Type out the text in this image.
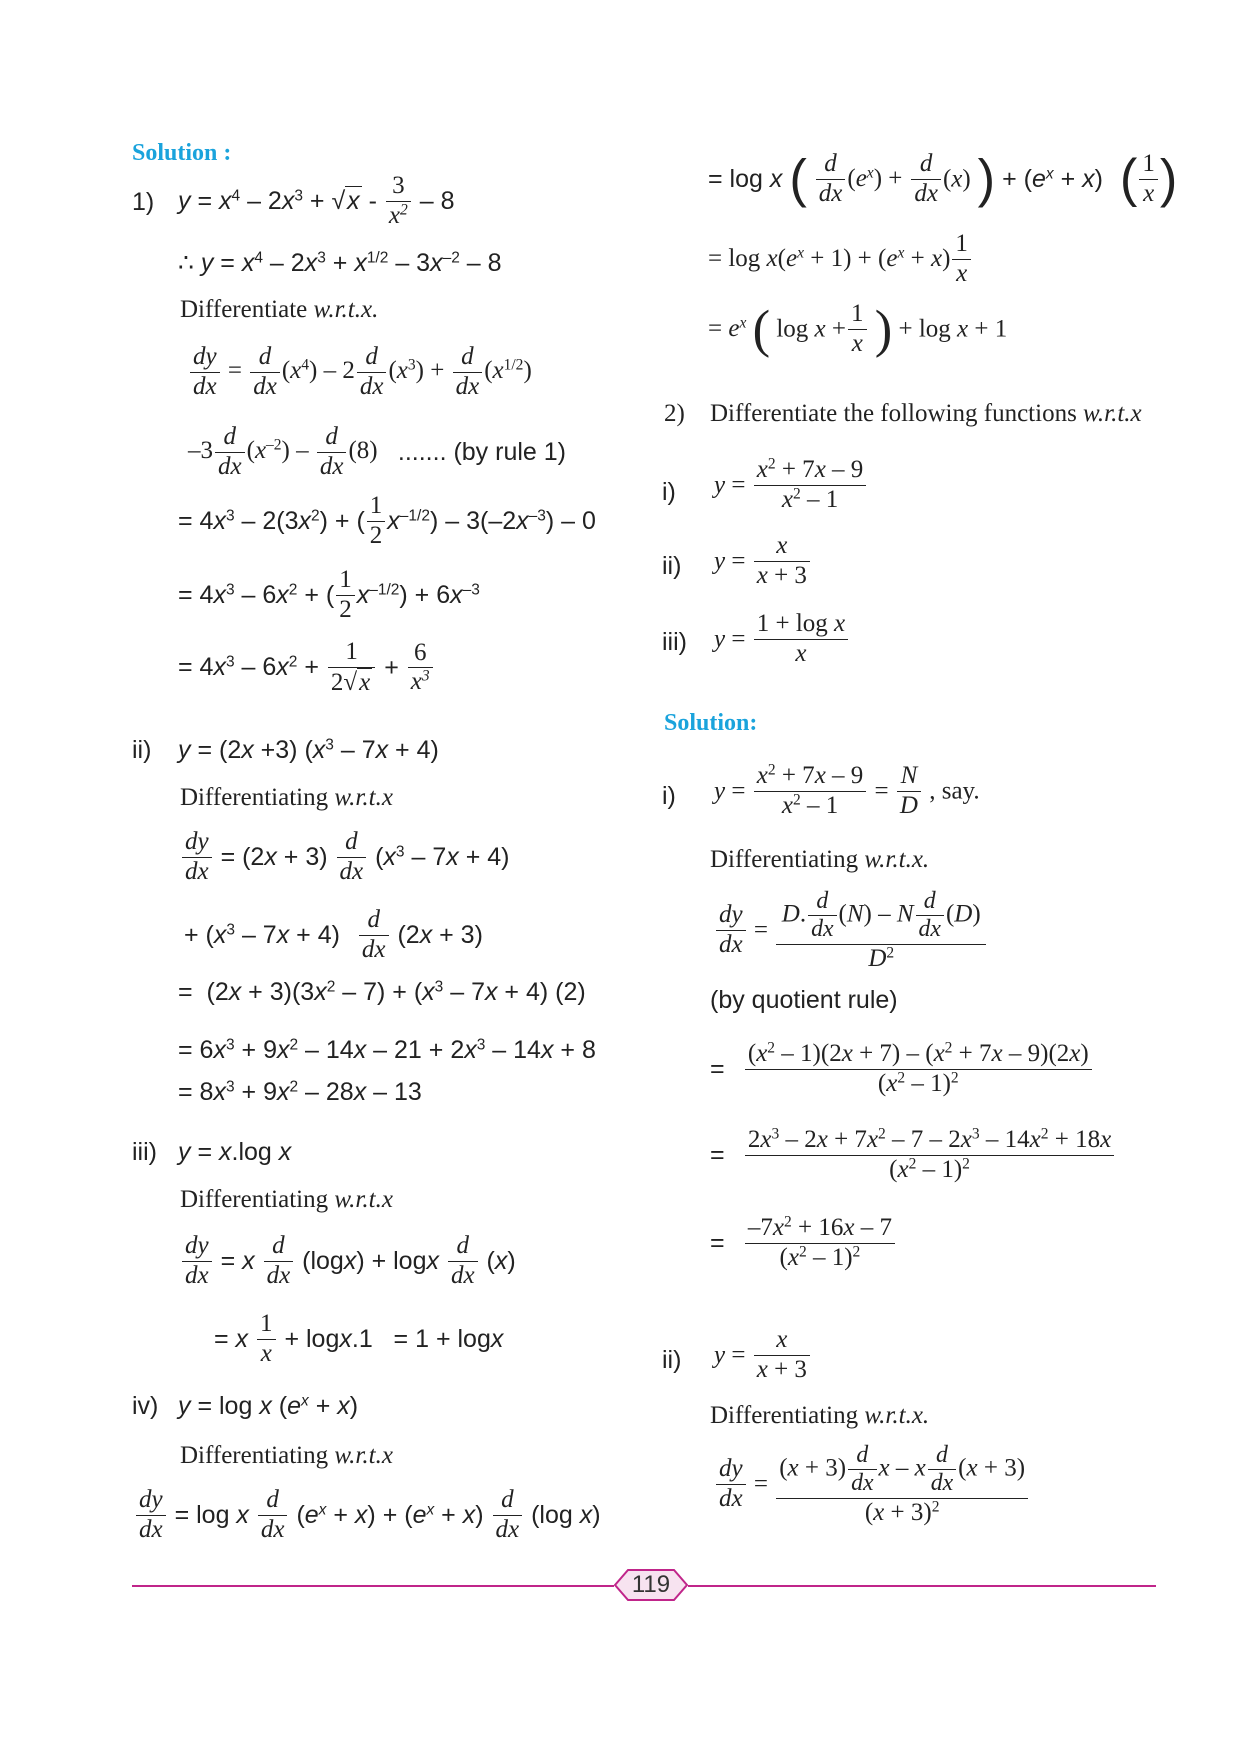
Solution :
1) $y = x^4 - 2x^3 + √x - \frac{3}{x^2} - 8$
∴ $y = x^4 - 2x^3 + x^{1/2} - 3x^{-2} - 8$
Differentiate w.r.t.x.
$\frac{dy}{dx} = \frac{d}{dx} (x^4) - 2 \frac{d}{dx} (x^3) + \frac{d}{dx} (x^{1/2})$
$-3 \frac{d}{dx} (x^{-2}) - \frac{d}{dx} (8)$ ....... (by rule 1)
= $4x^3 - 2(3x^2)$ + ( $\frac{1}{2} x^{-1/2}) - 3(-2x^{-3}) - 0$
= $4x^3 - 6x^2$ + ( $\frac{1}{2} x^{-1/2}) + 6x^{-3}$
= $4x^3 - 6x^2 + \frac{1}{2√x} + \frac{6}{x^3}$
ii) y = (2x +3) $(x^3 - 7x + 4)$
Differentiating w.r.t.x
$\frac{dy}{dx} = (2x + 3) \frac{d}{dx} (x^3 - 7x + 4)$
+ $(x^3 - 7x + 4) \frac{d}{dx} (2x + 3)$
=  $(2x + 3)(3x^2 - 7) + (x^3 - 7x + 4)$ (2)
= $6x^3 + 9x^2 - 14x - 21 + 2x^3 - 14x + 8$
= $8x^3 + 9x^2 - 28x - 13$
iii) y = x.log x
Differentiating w.r.t.x
$\frac{dy}{dx} = x \frac{d}{dx} (\log x) + \log x \frac{d}{dx} (x)$
= x $\frac{1}{x} + \log x.1 = 1 + \log x$
iv) y = log x $(e^x + x)$
Differentiating w.r.t.x
$\frac{dy}{dx} = \log x \frac{d}{dx} (e^x + x) + (e^x + x) \frac{d}{dx} (\log$ x)
= log x ( $\frac{d}{dx} (e^x) + \frac{d}{dx} (x)$ ) + $(e^x + x)$ ( $\frac{1}{x}$ )
= $\log x(e^x + 1) + (e^x + x) \frac{1}{x}$
= $e^x$ ( $\log x + \frac{1}{x}$ ) + log x + 1
2) Differentiate the following functions w.r.t.x
i) $y = \frac{x^2 + 7x - 9}{x^2 - 1}$
ii) $y = \frac{x}{x + 3}$
iii) $y = \frac{\text{1 + log x}}{x}$
Solution:
i) $y = \frac{x^2 + 7x - 9}{x^2 - 1} = \frac{N}{D}$ , say.
Differentiating w.r.t.x.
$\frac{dy}{dx}$ =
D. $\frac{d}{dx} (N)$ – N $\frac{d}{dx} (D)$
$D^2$
(by quotient rule)
= $\frac{(x^2 - 1)(2x + 7) - (x^2 + 7x - 9)(2x)}{(x^2 - 1)^2}$
= $\frac{2x^3 - 2x + 7x^2 - 7 - 2x^3 - 14x^2 + 18x}{(x^2 - 1)^2}$
= $\frac{-7x^2 + 16x - 7}{(x^2 - 1)^2}$
ii) $y = \frac{x}{x + 3}$
Differentiating w.r.t.x.
$\frac{dy}{dx}$ =
$(x + 3) \frac{d}{dx}$ x – x $\frac{d}{dx} (x + 3)$
$(x + 3)^2$
119
